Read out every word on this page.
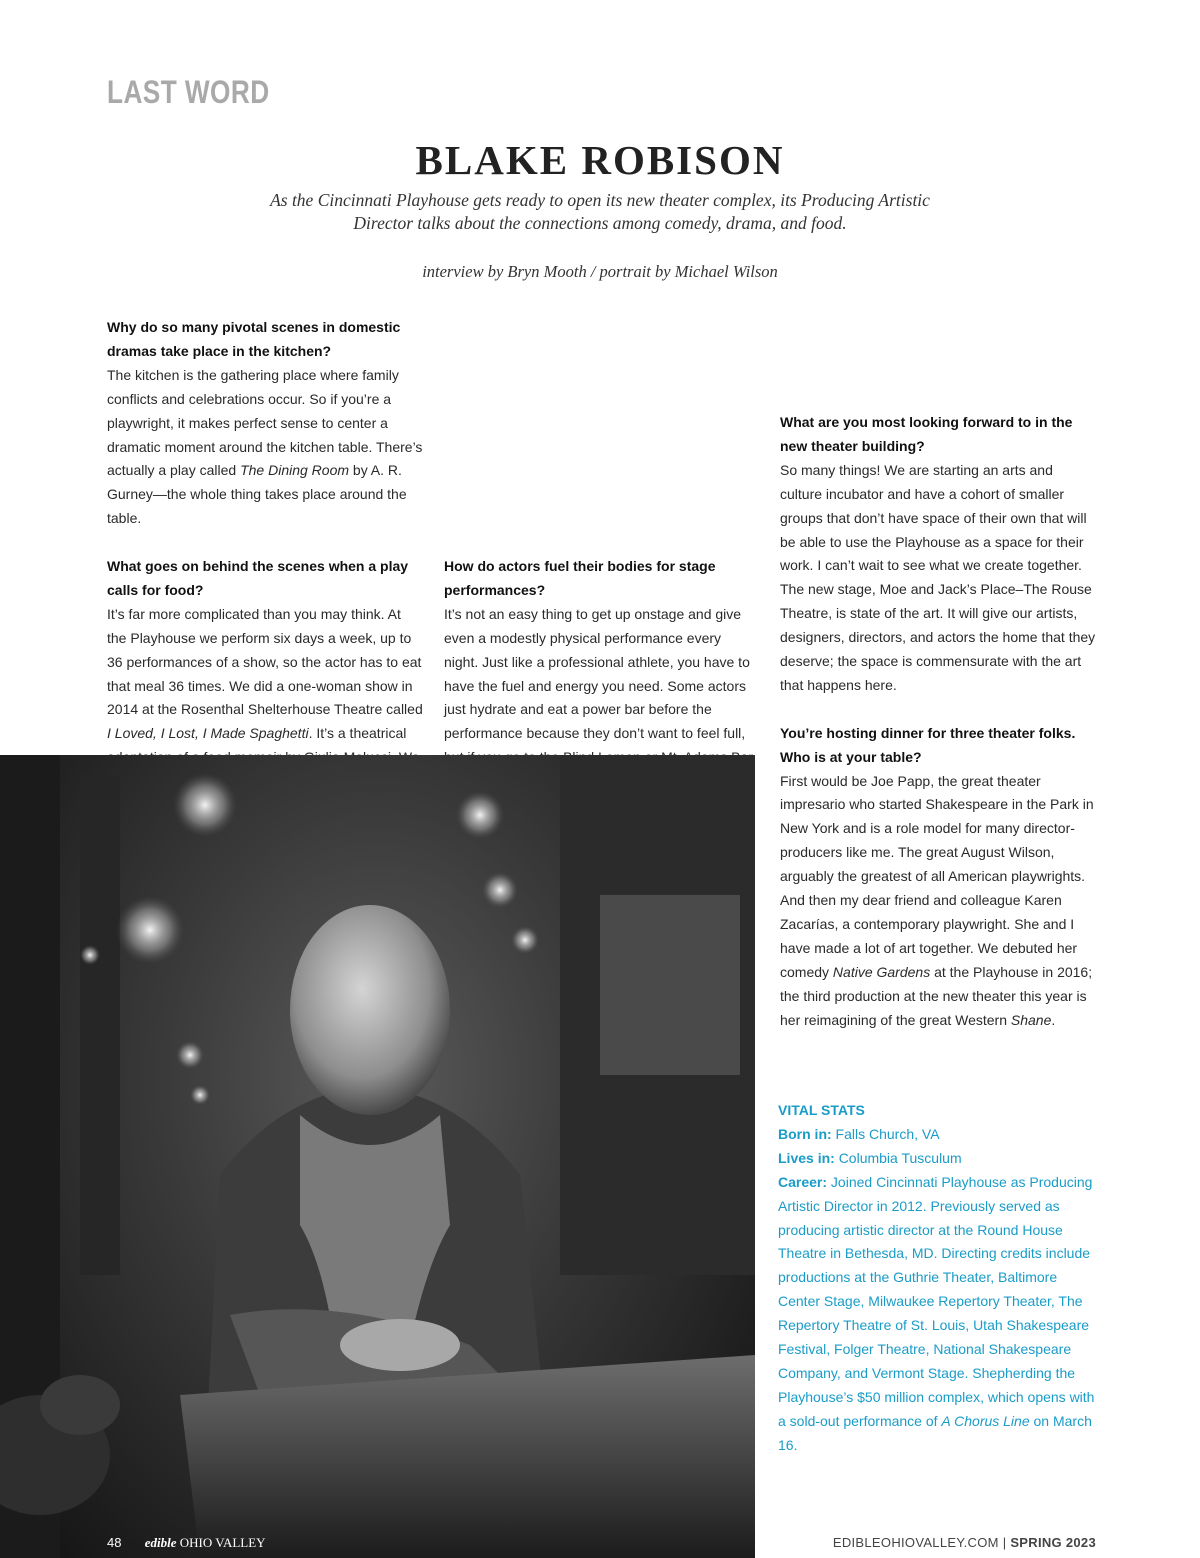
LAST WORD
BLAKE ROBISON

As the Cincinnati Playhouse gets ready to open its new theater complex, its Producing Artistic Director talks about the connections among comedy, drama, and food.

interview by Bryn Mooth / portrait by Michael Wilson

Why do so many pivotal scenes in domestic dramas take place in the kitchen?

The kitchen is the gathering place where family conflicts and celebrations occur. So if you’re a playwright, it makes perfect sense to center a dramatic moment around the kitchen table. There’s actually a play called The Dining Room by A. R. Gurney—the whole thing takes place around the table.

What goes on behind the scenes when a play calls for food?

It’s far more complicated than you may think. At the Playhouse we perform six days a week, up to 36 performances of a show, so the actor has to eat that meal 36 times. We did a one-woman show in 2014 at the Rosenthal Shelterhouse Theatre called I Loved, I Lost, I Made Spaghetti. It’s a theatrical

How do actors fuel their bodies for stage performances?

It’s not an easy thing to get up onstage and give even a modestly physical performance every night. Just like a professional athlete, you have to have the fuel and energy you need. Some actors just hydrate and eat a power bar before the performance because they don’t want to feel full,

What are you most looking forward to in the new theater building?

So many things! We are starting an arts and culture incubator and have a cohort of smaller groups that don’t have space of their own that will be able to use the Playhouse as a space for their work. I can’t wait to see what we create together. The new stage, Moe and Jack’s Place–The Rouse Theatre, is state of the art. It will give our artists, designers, directors, and actors the home that they deserve; the space is commensurate with the art that happens here.

You’re hosting dinner for three theater folks. Who is at your table?

First would be Joe Papp, the great theater impresario who started Shakespeare in the Park in New York and is a role model for many director-producers like me. The great August Wilson, arguably the greatest of all American playwrights. And then my dear friend and colleague Karen Zacarías, a contemporary playwright. She and I have made a lot of art together. We debuted her comedy Native Gardens at the Playhouse in 2016; the third production at the new theater this year is her reimagining of the great Western Shane.

VITAL STATS

Born in: Falls Church, VA

Lives in: Columbia Tusculum

Career: Joined Cincinnati Playhouse as Producing Artistic Director in 2012. Previously served as producing artistic director at the Round House Theatre in Bethesda, MD. Directing credits include productions at the Guthrie Theater, Baltimore Center Stage, Milwaukee Repertory Theater, The Repertory Theatre of St. Louis, Utah Shakespeare Festival, Folger Theatre, National Shakespeare Company, and Vermont Stage. Shepherding the Playhouse’s $50 million complex, which opens with a sold-out performance of A Chorus Line on March 16.

48 edible OHIO VALLEY	EDIBLEOHIOVALLEY.COM | SPRING 2023
